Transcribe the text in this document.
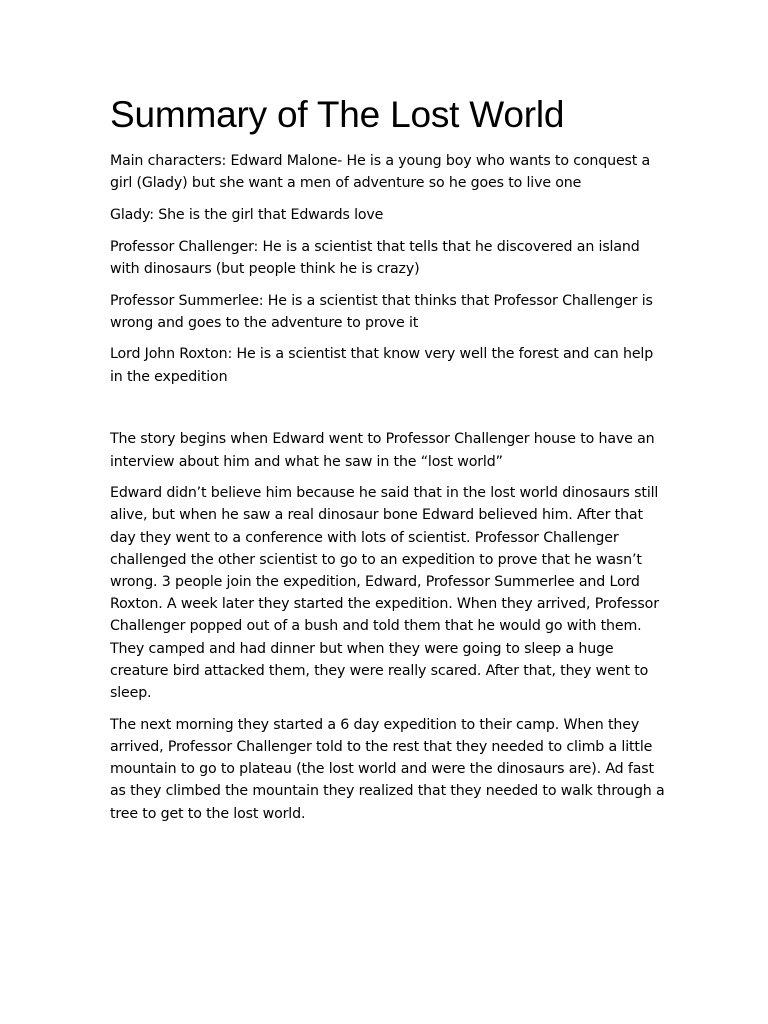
Summary of The Lost World

Main characters: Edward Malone- He is a young boy who wants to conquest a girl (Glady) but she want a men of adventure so he goes to live one

Glady: She is the girl that Edwards love

Professor Challenger: He is a scientist that tells that he discovered an island with dinosaurs (but people think he is crazy)

Professor Summerlee: He is a scientist that thinks that Professor Challenger is wrong and goes to the adventure to prove it

Lord John Roxton: He is a scientist that know very well the forest and can help in the expedition

The story begins when Edward went to Professor Challenger house to have an interview about him and what he saw in the “lost world”

Edward didn’t believe him because he said that in the lost world dinosaurs still alive, but when he saw a real dinosaur bone Edward believed him. After that day they went to a conference with lots of scientist. Professor Challenger challenged the other scientist to go to an expedition to prove that he wasn’t wrong. 3 people join the expedition, Edward, Professor Summerlee and Lord Roxton. A week later they started the expedition. When they arrived, Professor Challenger popped out of a bush and told them that he would go with them. They camped and had dinner but when they were going to sleep a huge creature bird attacked them, they were really scared. After that, they went to sleep.

The next morning they started a 6 day expedition to their camp. When they arrived, Professor Challenger told to the rest that they needed to climb a little mountain to go to plateau (the lost world and were the dinosaurs are). Ad fast as they climbed the mountain they realized that they needed to walk through a tree to get to the lost world.
